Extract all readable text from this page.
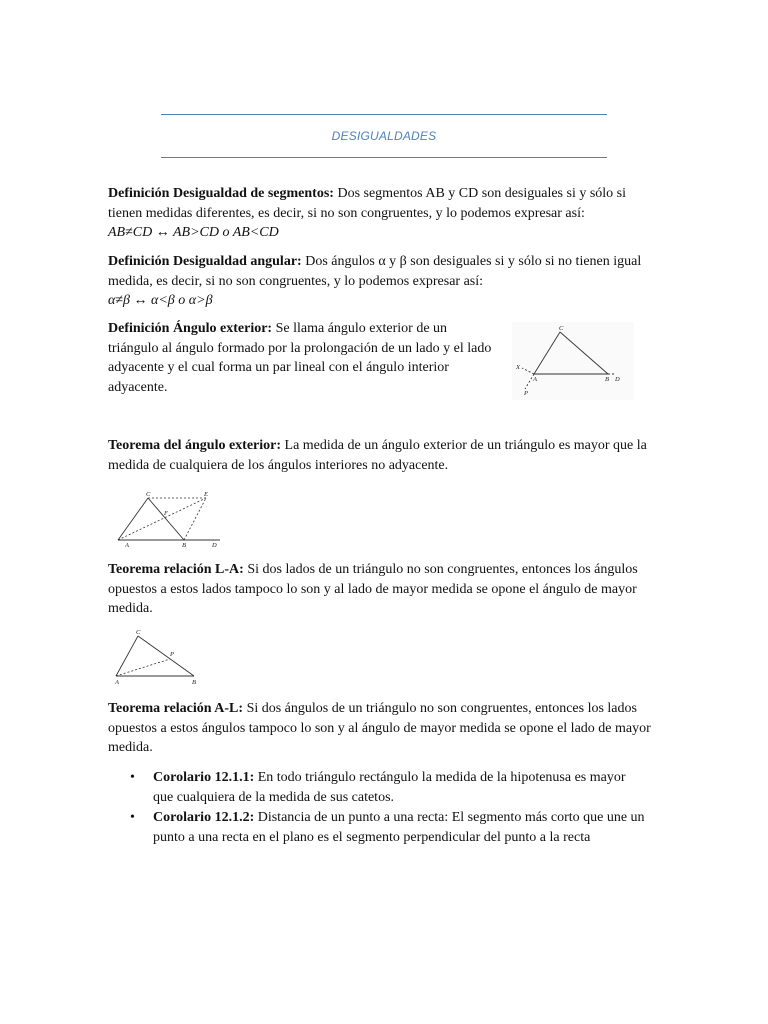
DESIGUALDADES
Definición Desigualdad de segmentos: Dos segmentos AB y CD son desiguales si y sólo si tienen medidas diferentes, es decir, si no son congruentes, y lo podemos expresar así:
AB≠CD ↔ AB>CD o AB<CD
Definición Desigualdad angular: Dos ángulos α y β son desiguales si y sólo si no tienen igual medida, es decir, si no son congruentes, y lo podemos expresar así:
α≠β ↔ α<β o α>β
Definición Ángulo exterior: Se llama ángulo exterior de un triángulo al ángulo formado por la prolongación de un lado y el lado adyacente y el cual forma un par lineal con el ángulo interior adyacente.
C
X
A	B D
P
Teorema del ángulo exterior: La medida de un ángulo exterior de un triángulo es mayor que la medida de cualquiera de los ángulos interiores no adyacente.
C	E
F
A	B	D
Teorema relación L-A: Si dos lados de un triángulo no son congruentes, entonces los ángulos opuestos a estos lados tampoco lo son y al lado de mayor medida se opone el ángulo de mayor medida.
C
P
A	B
Teorema relación A-L: Si dos ángulos de un triángulo no son congruentes, entonces los lados opuestos a estos ángulos tampoco lo son y al ángulo de mayor medida se opone el lado de mayor medida.
• Corolario 12.1.1: En todo triángulo rectángulo la medida de la hipotenusa es mayor que cualquiera de la medida de sus catetos.
• Corolario 12.1.2: Distancia de un punto a una recta: El segmento más corto que une un punto a una recta en el plano es el segmento perpendicular del punto a la recta
